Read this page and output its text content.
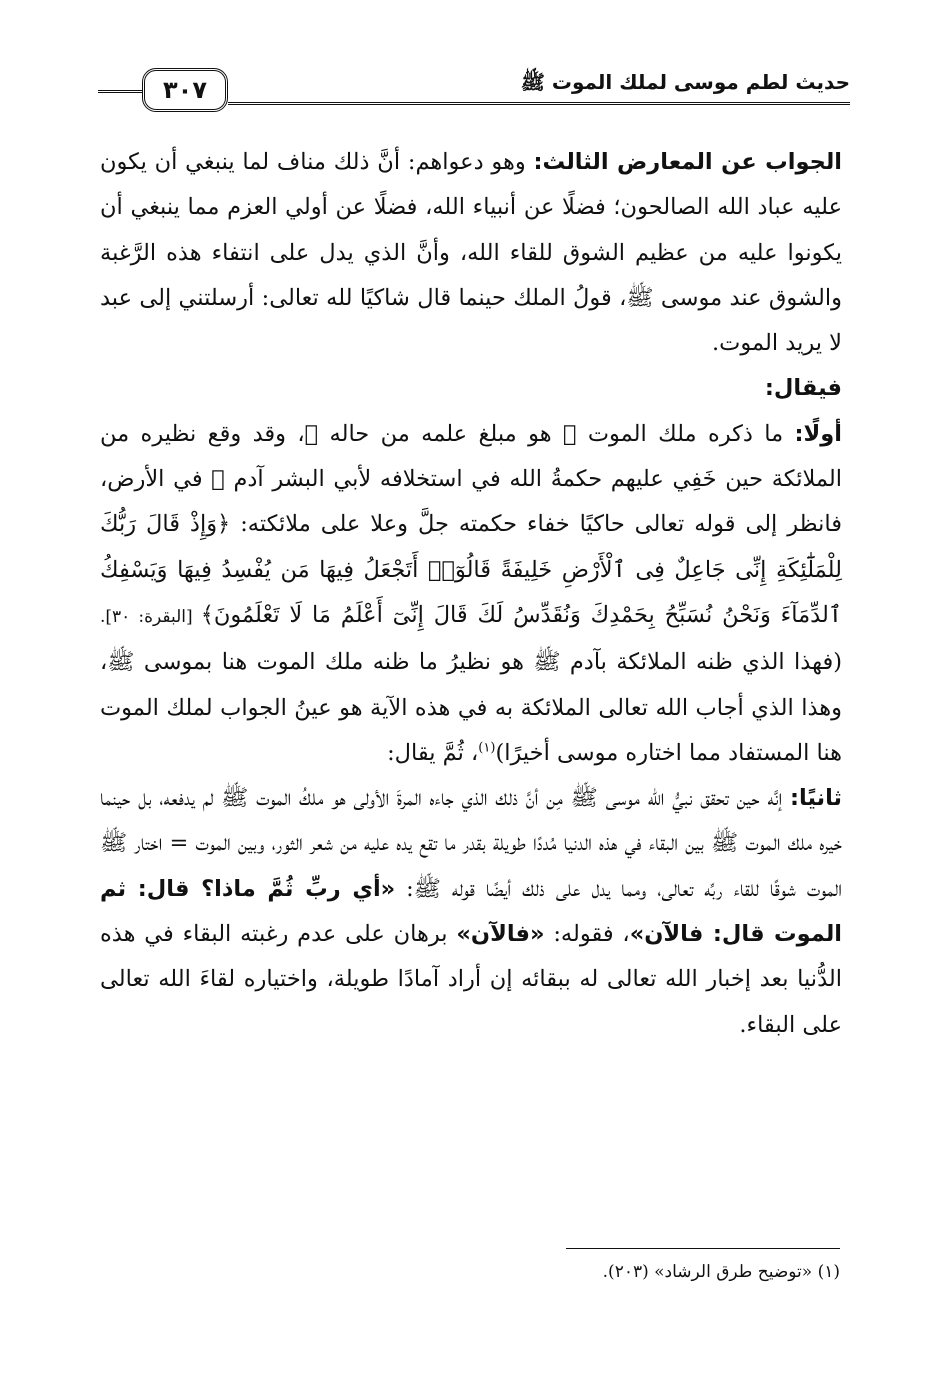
٣٠٧	حديث لطم موسى لملك الموت ﷺ

الجواب عن المعارض الثالث: وهو دعواهم: أنَّ ذلك مناف لما ينبغي أن يكون عليه عباد الله الصالحون؛ فضلًا عن أنبياء الله، فضلًا عن أولي العزم مما ينبغي أن يكونوا عليه من عظيم الشوق للقاء الله، وأنَّ الذي يدل على انتفاء هذه الرَّغبة والشوق عند موسى ﷺ، قولُ الملك حينما قال شاكيًا لله تعالى: أرسلتني إلى عبد لا يريد الموت.

فيقال:

أولًا: ما ذكره ملك الموت ﷺ هو مبلغ علمه من حاله ﷺ، وقد وقع نظيره من الملائكة حين خَفِي عليهم حكمةُ الله في استخلافه لأبي البشر آدم ﷺ في الأرض، فانظر إلى قوله تعالى حاكيًا خفاء حكمته جلَّ وعلا على ملائكته: ﴿وَإِذْ قَالَ رَبُّكَ لِلْمَلَٰٓئِكَةِ إِنِّى جَاعِلٌ فِى ٱلْأَرْضِ خَلِيفَةً قَالُوٓا۟ أَتَجْعَلُ فِيهَا مَن يُفْسِدُ فِيهَا وَيَسْفِكُ ٱلدِّمَآءَ وَنَحْنُ نُسَبِّحُ بِحَمْدِكَ وَنُقَدِّسُ لَكَ قَالَ إِنِّىٓ أَعْلَمُ مَا لَا تَعْلَمُونَ﴾ [البقرة: ٣٠]. (فهذا الذي ظنه الملائكة بآدم ﷺ هو نظيرُ ما ظنه ملك الموت هنا بموسى ﷺ، وهذا الذي أجاب الله تعالى الملائكة به في هذه الآية هو عينُ الجواب لملك الموت هنا المستفاد مما اختاره موسى أخيرًا)$^{(١)}$، ثُمَّ يقال:

ثانيًا: إنَّه حين تحقق نبيُّ الله موسى ﷺ مِن أنَّ ذلك الذي جاءه المرةَ الأولى هو ملكُ الموت ﷺ لم يدفعه، بل حينما خيره ملك الموت ﷺ بين البقاء في هذه الدنيا مُددًا طويلة بقدر ما تقع يده عليه من شعر الثور، وبين الموت = اختار ﷺ الموت شوقًا للقاء ربِّه تعالى، ومما يدل على ذلك أيضًا قوله ﷺ: «أي ربِّ ثُمَّ ماذا؟ قال: ثم الموت قال: فالآن»، فقوله: «فالآن» برهان على عدم رغبته البقاء في هذه الدُّنيا بعد إخبار الله تعالى له ببقائه إن أراد آمادًا طويلة، واختياره لقاءَ الله تعالى على البقاء.

(١) «توضيح طرق الرشاد» (٢٠٣).
